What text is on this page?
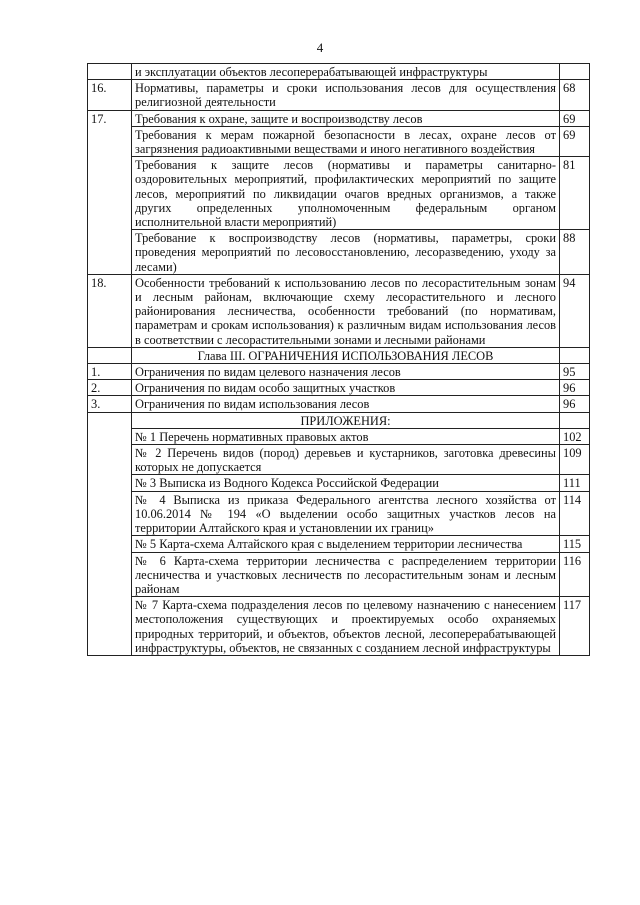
4
	и эксплуатации объектов лесоперерабатывающей инфраструктуры	
16.	Нормативы, параметры и сроки использования лесов для осуществления религиозной деятельности	68
17.	Требования к охране, защите и воспроизводству лесов	69
	Требования к мерам пожарной безопасности в лесах, охране лесов от загрязнения радиоактивными веществами и иного негативного воздействия	69
	Требования к защите лесов (нормативы и параметры санитарно-оздоровительных мероприятий, профилактических мероприятий по защите лесов, мероприятий по ликвидации очагов вредных организмов, а также других определенных уполномоченным федеральным органом исполнительной власти мероприятий)	81
	Требование к воспроизводству лесов (нормативы, параметры, сроки проведения мероприятий по лесовосстановлению, лесоразведению, уходу за лесами)	88
18.	Особенности требований к использованию лесов по лесорастительным зонам и лесным районам, включающие схему лесорастительного и лесного районирования лесничества, особенности требований (по нормативам, параметрам и срокам использования) к различным видам использования лесов в соответствии с лесорастительными зонами и лесными районами	94
	Глава III. ОГРАНИЧЕНИЯ ИСПОЛЬЗОВАНИЯ ЛЕСОВ	
1.	Ограничения по видам целевого назначения лесов	95
2.	Ограничения по видам особо защитных участков	96
3.	Ограничения по видам использования лесов	96
	ПРИЛОЖЕНИЯ:	
	№ 1 Перечень нормативных правовых актов	102
	№ 2 Перечень видов (пород) деревьев и кустарников, заготовка древесины которых не допускается	109
	№ 3 Выписка из Водного Кодекса Российской Федерации	111
	№ 4 Выписка из приказа Федерального агентства лесного хозяйства от 10.06.2014 № 194 «О выделении особо защитных участков лесов на территории Алтайского края и установлении их границ»	114
	№ 5 Карта-схема Алтайского края с выделением территории лесничества	115
	№ 6 Карта-схема территории лесничества с распределением территории лесничества и участковых лесничеств по лесорастительным зонам и лесным районам	116
	№ 7 Карта-схема подразделения лесов по целевому назначению с нанесением местоположения существующих и проектируемых особо охраняемых природных территорий, и объектов, объектов лесной, лесоперерабатывающей инфраструктуры, объектов, не связанных с созданием лесной инфраструктуры	117
